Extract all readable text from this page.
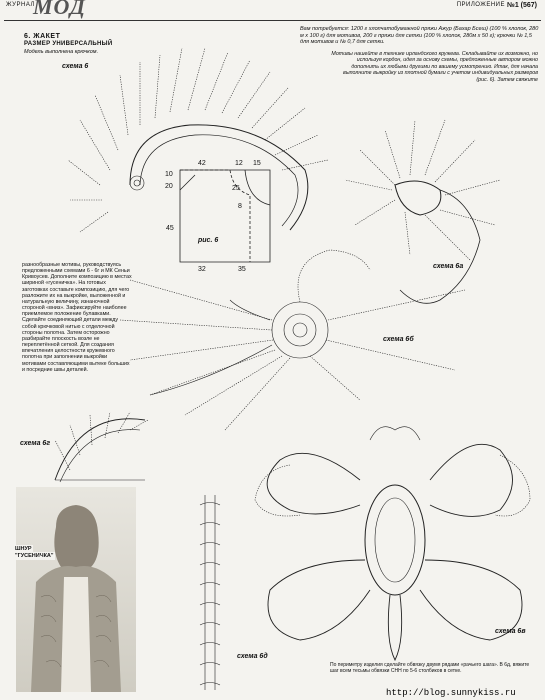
ЖУРНАЛ
МОД	ПРИЛОЖЕНИЕ №1 (567)
6. ЖАКЕТ
РАЗМЕР УНИВЕРСАЛЬНЫЙ
Модель выполнена крючком.
Вам потребуется: 1200 г хлопчатобумажной пряжи Ажур (Бахар Бсеш) (100 % хлопок, 280 м х 100 г) для мотивов, 200 г пряжи для сетки (100 % хлопок, 280м х 50 г); крючки № 1,5 для мотивов и № 0,7 для сетки.
Мотивы нашейте в технике ирландского кружева. Складывайте их возможно, но используя кордон, идея за основу схемы, предложенные автором можно дополнить их любыми другими по вашему усмотрению. Итак, для начала выполните выкройку из плотной бумаги с учетом индивидуальных размеров (рис. 6). Затем свяжите
разнообразные мотивы, руководствуясь предложенными схемами 6 - 6г и МК Сеньи Кривоусев. Дополните композицию в местах шириной «гусеничка». На готовых заготовках составьте композицию, для чего разложите их на выкройке, выложенной и натуральную величину, изнаночной стороной «вниз». Зафиксируйте наиболее приемлемое положение булавками. Сделайте соединяющий детали между собой крючковой нитью с отделочной стороны полотна. Затем осторожно разбирайте плоскость возле не переплетённой сеткой. Для создания впечатления целостности кружевного полотна при заполнении выкройки мотивами составляющими вытеке больших и посредние швы деталей.
схема 6
схема 6а
схема 6б
схема 6в
схема 6г
схема 6д
рис. 6
42	12 15
10
20	25
45
32	35
8
ШНУР
"ГУСЕНИЧКА"
По периметру изделия сделайте обвязку двумя рядами «рачьего шага». В 6д, вяжите шаг всем тесьмы обвязки СНН по 5-6 столбиков в сетке.
http://blog.sunnykiss.ru
